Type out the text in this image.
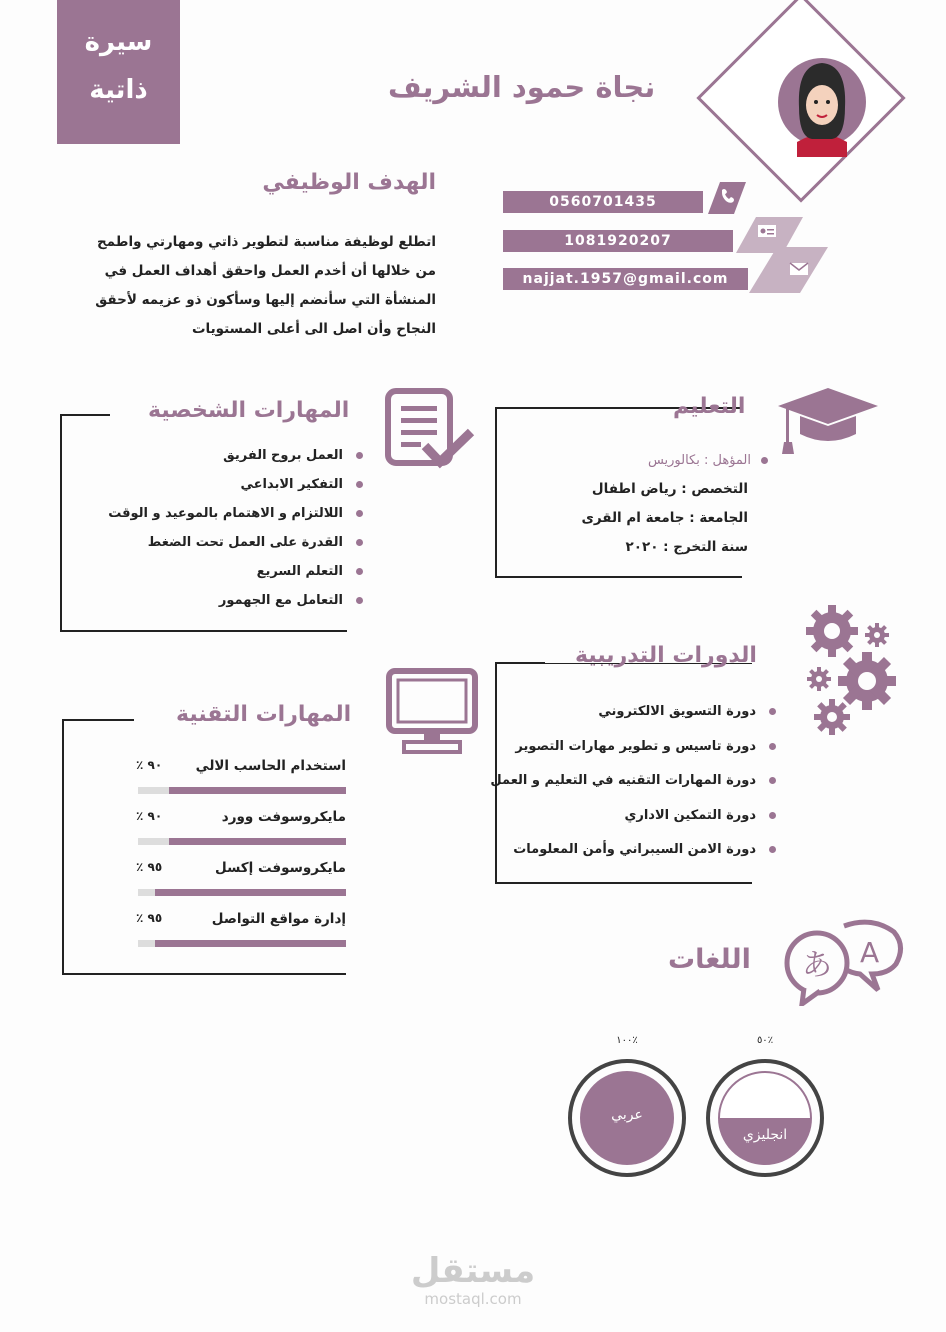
سيرة
ذاتية	نجاة حمود الشريف
0560701435
1081920207
najjat.1957@gmail.com
الهدف الوظيفي
اتطلع لوظيفة مناسبة لتطوير ذاتي ومهارتي واطمح من خلالها أن أخدم العمل واحقق أهداف العمل في المنشأة التي سأنضم إليها وسأكون ذو عزيمه لأحقق النجاح وأن اصل الى أعلى المستويات
المهارات الشخصية
العمل بروح الفريق
التفكير الابداعي
اللالتزام و الاهتمام بالموعيد و الوقت
القدرة على العمل تحت الضغط
التعلم السريع
التعامل مع الجهمور
التعليم
المؤهل : بكالوريس
التخصص : رياض اطفال
الجامعة : جامعة ام القرى
سنة التخرج : ٢٠٢٠
الدورات التدريبية
دورة التسويق الالكتروني
دورة تاسيس و تطوير مهارات التصوير
دورة المهارات التقنيه في التعليم و العمل
دورة التمكين الاداري
دورة الامن السيبراني وأمن المعلومات
المهارات التقنية
استخدام الحاسب الالي
٩٠ ٪
مايكروسوفت وورد
٩٠ ٪
مايكروسوفت إكسل
٩٥ ٪
إدارة مواقع التواصل
٩٥ ٪
اللغات	A
あ
٥٠٪
انجليزي
١٠٠٪
عربي
مستقل
mostaql.com
